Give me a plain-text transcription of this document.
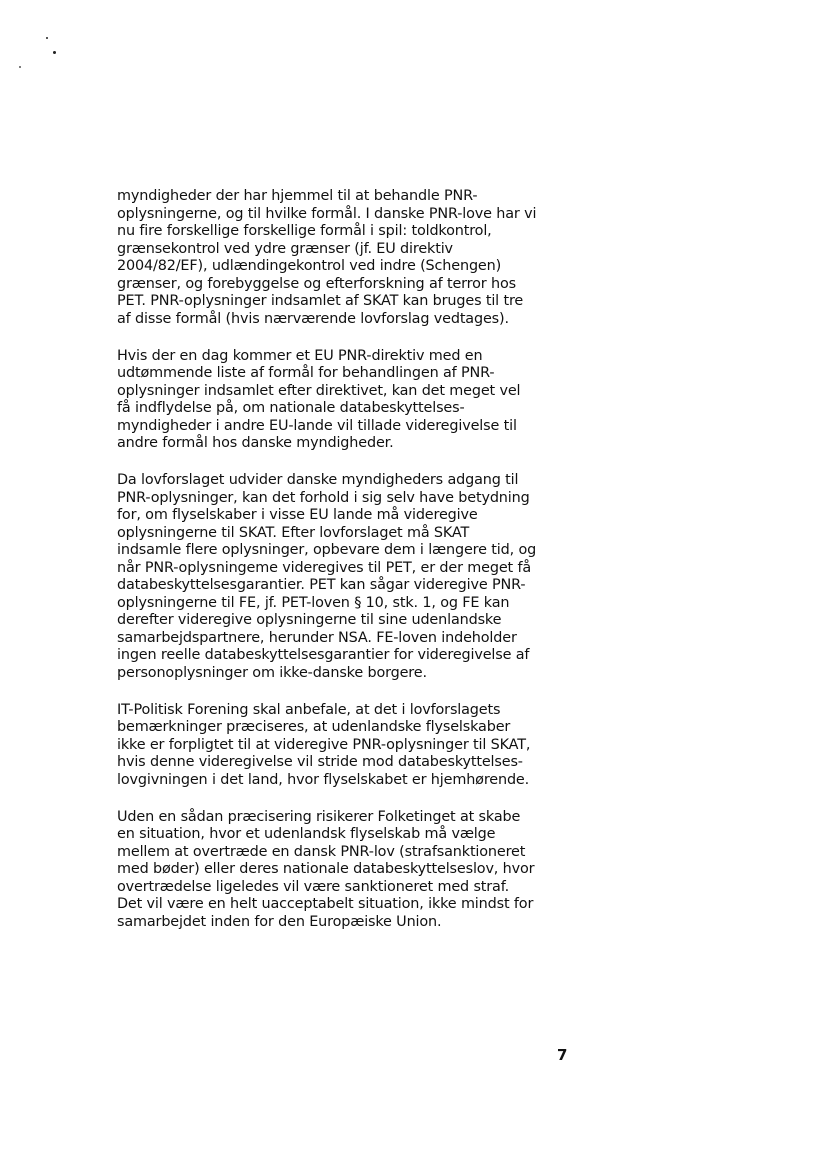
myndigheder der har hjemmel til at behandle PNR-
oplysningerne, og til hvilke formål. I danske PNR-love har vi
nu fire forskellige forskellige formål i spil: toldkontrol,
grænsekontrol ved ydre grænser (jf. EU direktiv
2004/82/EF), udlændingekontrol ved indre (Schengen)
grænser, og forebyggelse og efterforskning af terror hos
PET. PNR-oplysninger indsamlet af SKAT kan bruges til tre
af disse formål (hvis nærværende lovforslag vedtages).

Hvis der en dag kommer et EU PNR-direktiv med en
udtømmende liste af formål for behandlingen af PNR-
oplysninger indsamlet efter direktivet, kan det meget vel
få indflydelse på, om nationale databeskyttelses-
myndigheder i andre EU-lande vil tillade videregivelse til
andre formål hos danske myndigheder.

Da lovforslaget udvider danske myndigheders adgang til
PNR-oplysninger, kan det forhold i sig selv have betydning
for, om flyselskaber i visse EU lande må videregive
oplysningerne til SKAT. Efter lovforslaget må SKAT
indsamle flere oplysninger, opbevare dem i længere tid, og
når PNR-oplysningeme videregives til PET, er der meget få
databeskyttelsesgarantier. PET kan sågar videregive PNR-
oplysningerne til FE, jf. PET-loven § 10, stk. 1, og FE kan
derefter videregive oplysningerne til sine udenlandske
samarbejdspartnere, herunder NSA. FE-loven indeholder
ingen reelle databeskyttelsesgarantier for videregivelse af
personoplysninger om ikke-danske borgere.

IT-Politisk Forening skal anbefale, at det i lovforslagets
bemærkninger præciseres, at udenlandske flyselskaber
ikke er forpligtet til at videregive PNR-oplysninger til SKAT,
hvis denne videregivelse vil stride mod databeskyttelses-
lovgivningen i det land, hvor flyselskabet er hjemhørende.

Uden en sådan præcisering risikerer Folketinget at skabe
en situation, hvor et udenlandsk flyselskab må vælge
mellem at overtræde en dansk PNR-lov (strafsanktioneret
med bøder) eller deres nationale databeskyttelseslov, hvor
overtrædelse ligeledes vil være sanktioneret med straf.
Det vil være en helt uacceptabelt situation, ikke mindst for
samarbejdet inden for den Europæiske Union.

7
